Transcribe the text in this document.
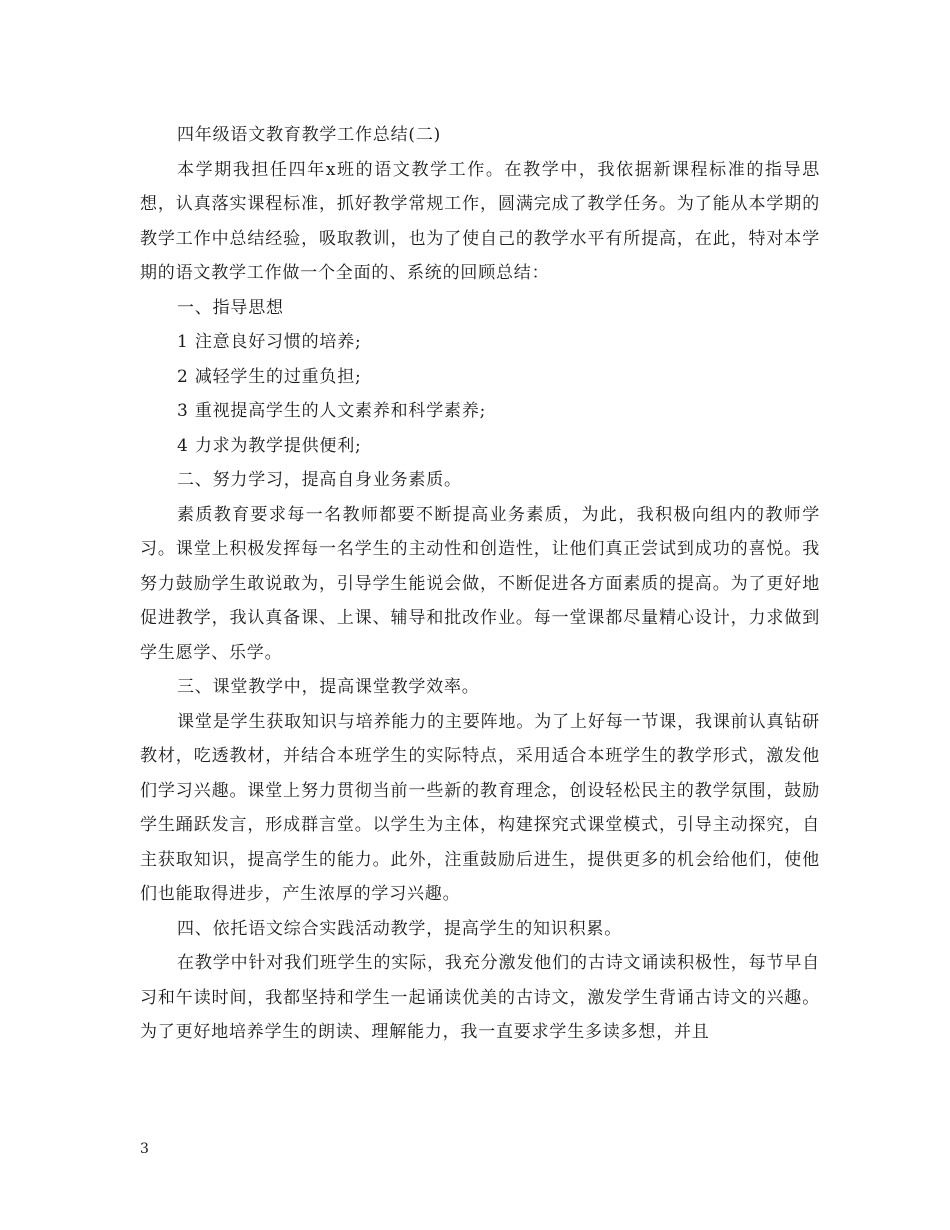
四年级语文教育教学工作总结(二)

本学期我担任四年x班的语文教学工作。在教学中，我依据新课程标准的指导思想，认真落实课程标准，抓好教学常规工作，圆满完成了教学任务。为了能从本学期的教学工作中总结经验，吸取教训，也为了使自己的教学水平有所提高，在此，特对本学期的语文教学工作做一个全面的、系统的回顾总结：

一、指导思想

1 注意良好习惯的培养;

2 减轻学生的过重负担;

3 重视提高学生的人文素养和科学素养;

4 力求为教学提供便利;

二、努力学习，提高自身业务素质。

素质教育要求每一名教师都要不断提高业务素质，为此，我积极向组内的教师学习。课堂上积极发挥每一名学生的主动性和创造性，让他们真正尝试到成功的喜悦。我努力鼓励学生敢说敢为，引导学生能说会做，不断促进各方面素质的提高。为了更好地促进教学，我认真备课、上课、辅导和批改作业。每一堂课都尽量精心设计，力求做到学生愿学、乐学。

三、课堂教学中，提高课堂教学效率。

课堂是学生获取知识与培养能力的主要阵地。为了上好每一节课，我课前认真钻研教材，吃透教材，并结合本班学生的实际特点，采用适合本班学生的教学形式，激发他们学习兴趣。课堂上努力贯彻当前一些新的教育理念，创设轻松民主的教学氛围，鼓励学生踊跃发言，形成群言堂。以学生为主体，构建探究式课堂模式，引导主动探究，自主获取知识，提高学生的能力。此外，注重鼓励后进生，提供更多的机会给他们，使他们也能取得进步，产生浓厚的学习兴趣。

四、依托语文综合实践活动教学，提高学生的知识积累。

在教学中针对我们班学生的实际，我充分激发他们的古诗文诵读积极性，每节早自习和午读时间，我都坚持和学生一起诵读优美的古诗文，激发学生背诵古诗文的兴趣。为了更好地培养学生的朗读、理解能力，我一直要求学生多读多想，并且

3
